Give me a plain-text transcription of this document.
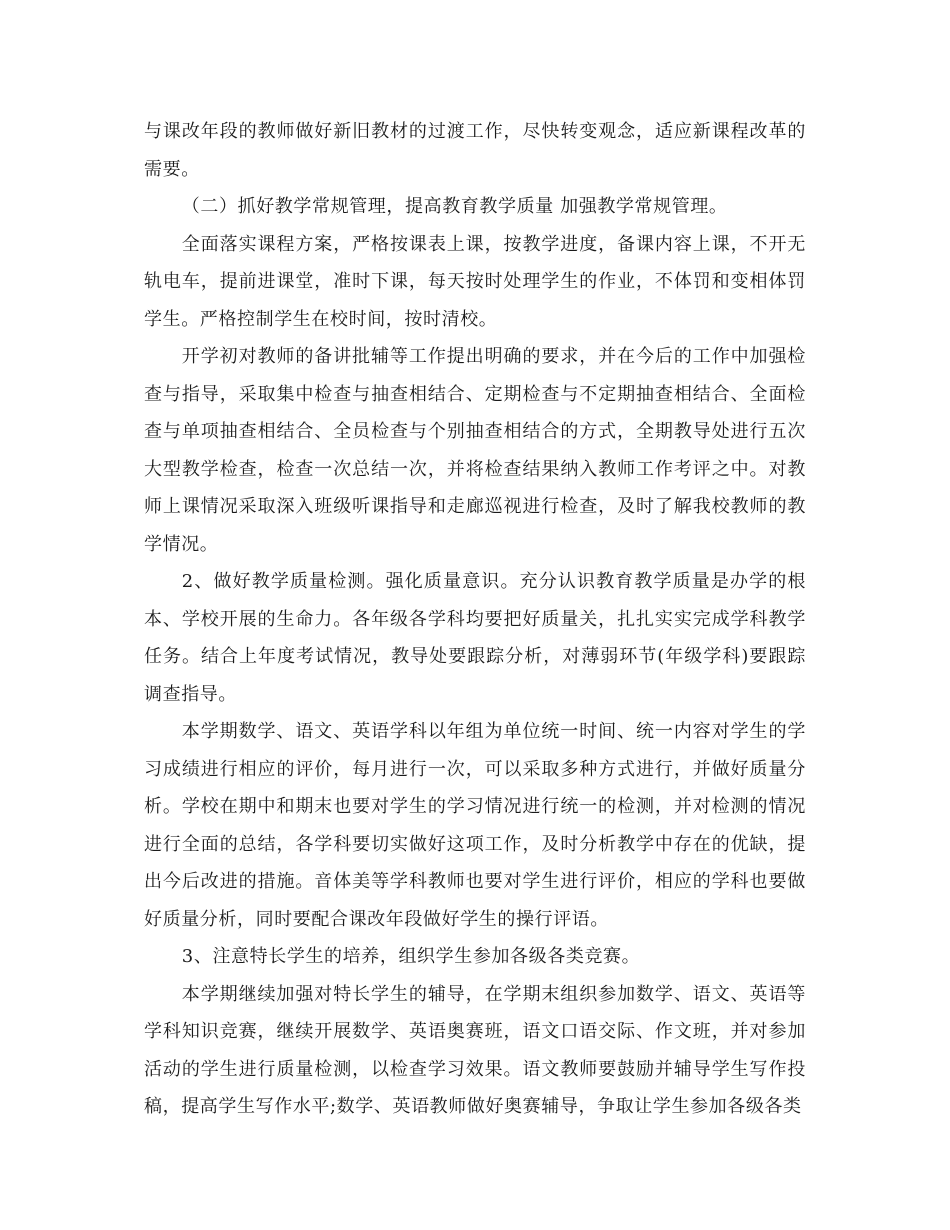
与课改年段的教师做好新旧教材的过渡工作，尽快转变观念，适应新课程改革的需要。

（二）抓好教学常规管理，提高教育教学质量 加强教学常规管理。

全面落实课程方案，严格按课表上课，按教学进度，备课内容上课，不开无轨电车，提前进课堂，准时下课，每天按时处理学生的作业，不体罚和变相体罚学生。严格控制学生在校时间，按时清校。

开学初对教师的备讲批辅等工作提出明确的要求，并在今后的工作中加强检查与指导，采取集中检查与抽查相结合、定期检查与不定期抽查相结合、全面检查与单项抽查相结合、全员检查与个别抽查相结合的方式，全期教导处进行五次大型教学检查，检查一次总结一次，并将检查结果纳入教师工作考评之中。对教师上课情况采取深入班级听课指导和走廊巡视进行检查，及时了解我校教师的教学情况。

2、做好教学质量检测。强化质量意识。充分认识教育教学质量是办学的根本、学校开展的生命力。各年级各学科均要把好质量关，扎扎实实完成学科教学任务。结合上年度考试情况，教导处要跟踪分析，对薄弱环节(年级学科)要跟踪调查指导。

本学期数学、语文、英语学科以年组为单位统一时间、统一内容对学生的学习成绩进行相应的评价，每月进行一次，可以采取多种方式进行，并做好质量分析。学校在期中和期末也要对学生的学习情况进行统一的检测，并对检测的情况进行全面的总结，各学科要切实做好这项工作，及时分析教学中存在的优缺，提出今后改进的措施。音体美等学科教师也要对学生进行评价，相应的学科也要做好质量分析，同时要配合课改年段做好学生的操行评语。

3、注意特长学生的培养，组织学生参加各级各类竞赛。

本学期继续加强对特长学生的辅导，在学期末组织参加数学、语文、英语等学科知识竞赛，继续开展数学、英语奥赛班，语文口语交际、作文班，并对参加活动的学生进行质量检测，以检查学习效果。语文教师要鼓励并辅导学生写作投稿，提高学生写作水平;数学、英语教师做好奥赛辅导，争取让学生参加各级各类
